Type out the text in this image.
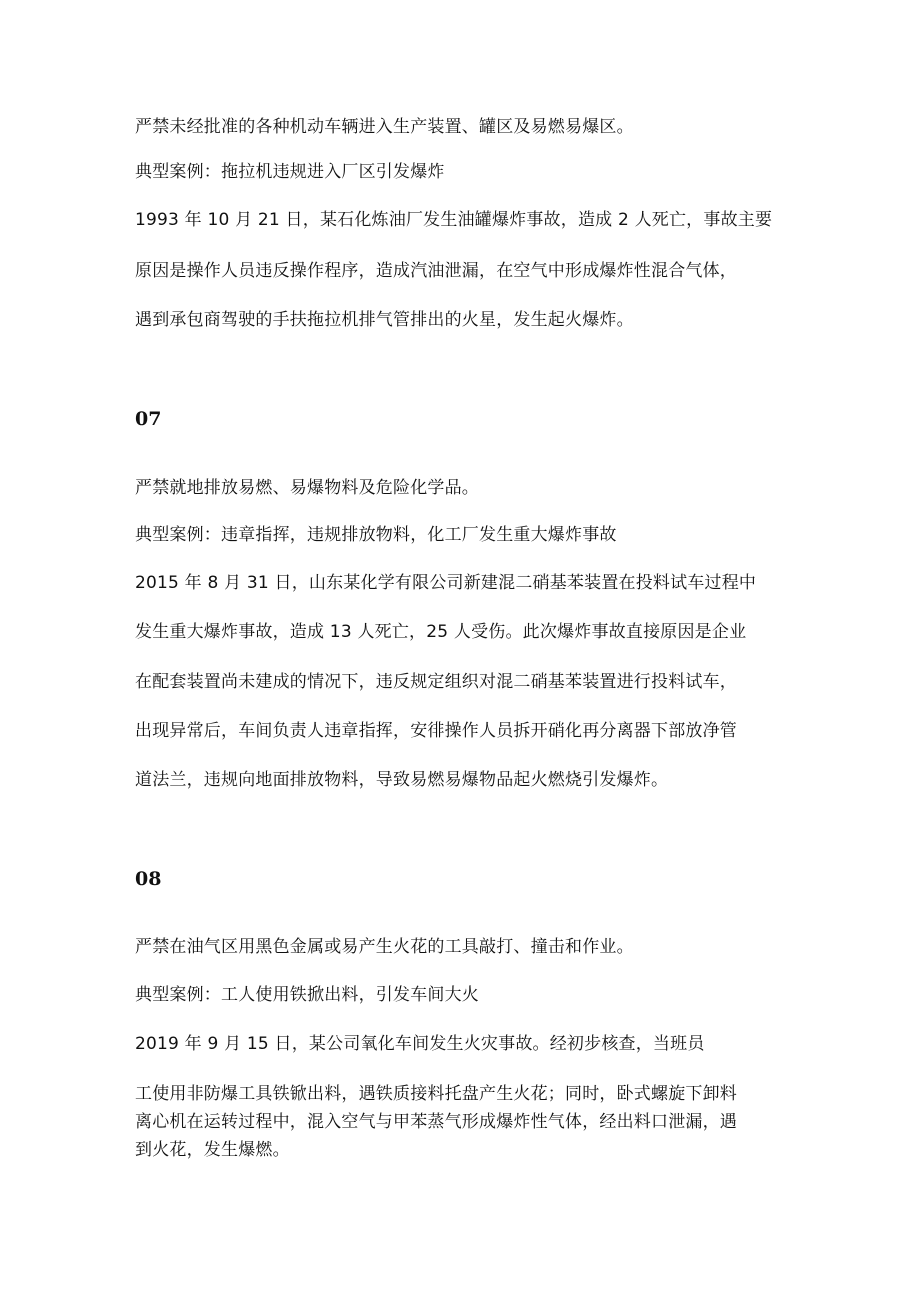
严禁未经批准的各种机动车辆进入生产装置、罐区及易燃易爆区。

典型案例：拖拉机违规进入厂区引发爆炸

1993 年 10 月 21 日，某石化炼油厂发生油罐爆炸事故，造成 2 人死亡，事故主要

原因是操作人员违反操作程序，造成汽油泄漏，在空气中形成爆炸性混合气体，

遇到承包商驾驶的手扶拖拉机排气管排出的火星，发生起火爆炸。

07

严禁就地排放易燃、易爆物料及危险化学品。

典型案例：违章指挥，违规排放物料，化工厂发生重大爆炸事故

2015 年 8 月 31 日，山东某化学有限公司新建混二硝基苯装置在投料试车过程中

发生重大爆炸事故，造成 13 人死亡，25 人受伤。此次爆炸事故直接原因是企业

在配套装置尚未建成的情况下，违反规定组织对混二硝基苯装置进行投料试车，

出现异常后，车间负责人违章指挥，安徘操作人员拆开硝化再分离器下部放净管

道法兰，违规向地面排放物料，导致易燃易爆物品起火燃烧引发爆炸。

08

严禁在油气区用黑色金属或易产生火花的工具敲打、撞击和作业。

典型案例：工人使用铁掀出料，引发车间大火

2019 年 9 月 15 日，某公司氧化车间发生火灾事故。经初步核查，当班员

工使用非防爆工具铁锨出料，遇铁质接料托盘产生火花；同时，卧式螺旋下卸料

离心机在运转过程中，混入空气与甲苯蒸气形成爆炸性气体，经出料口泄漏，遇

到火花，发生爆燃。
